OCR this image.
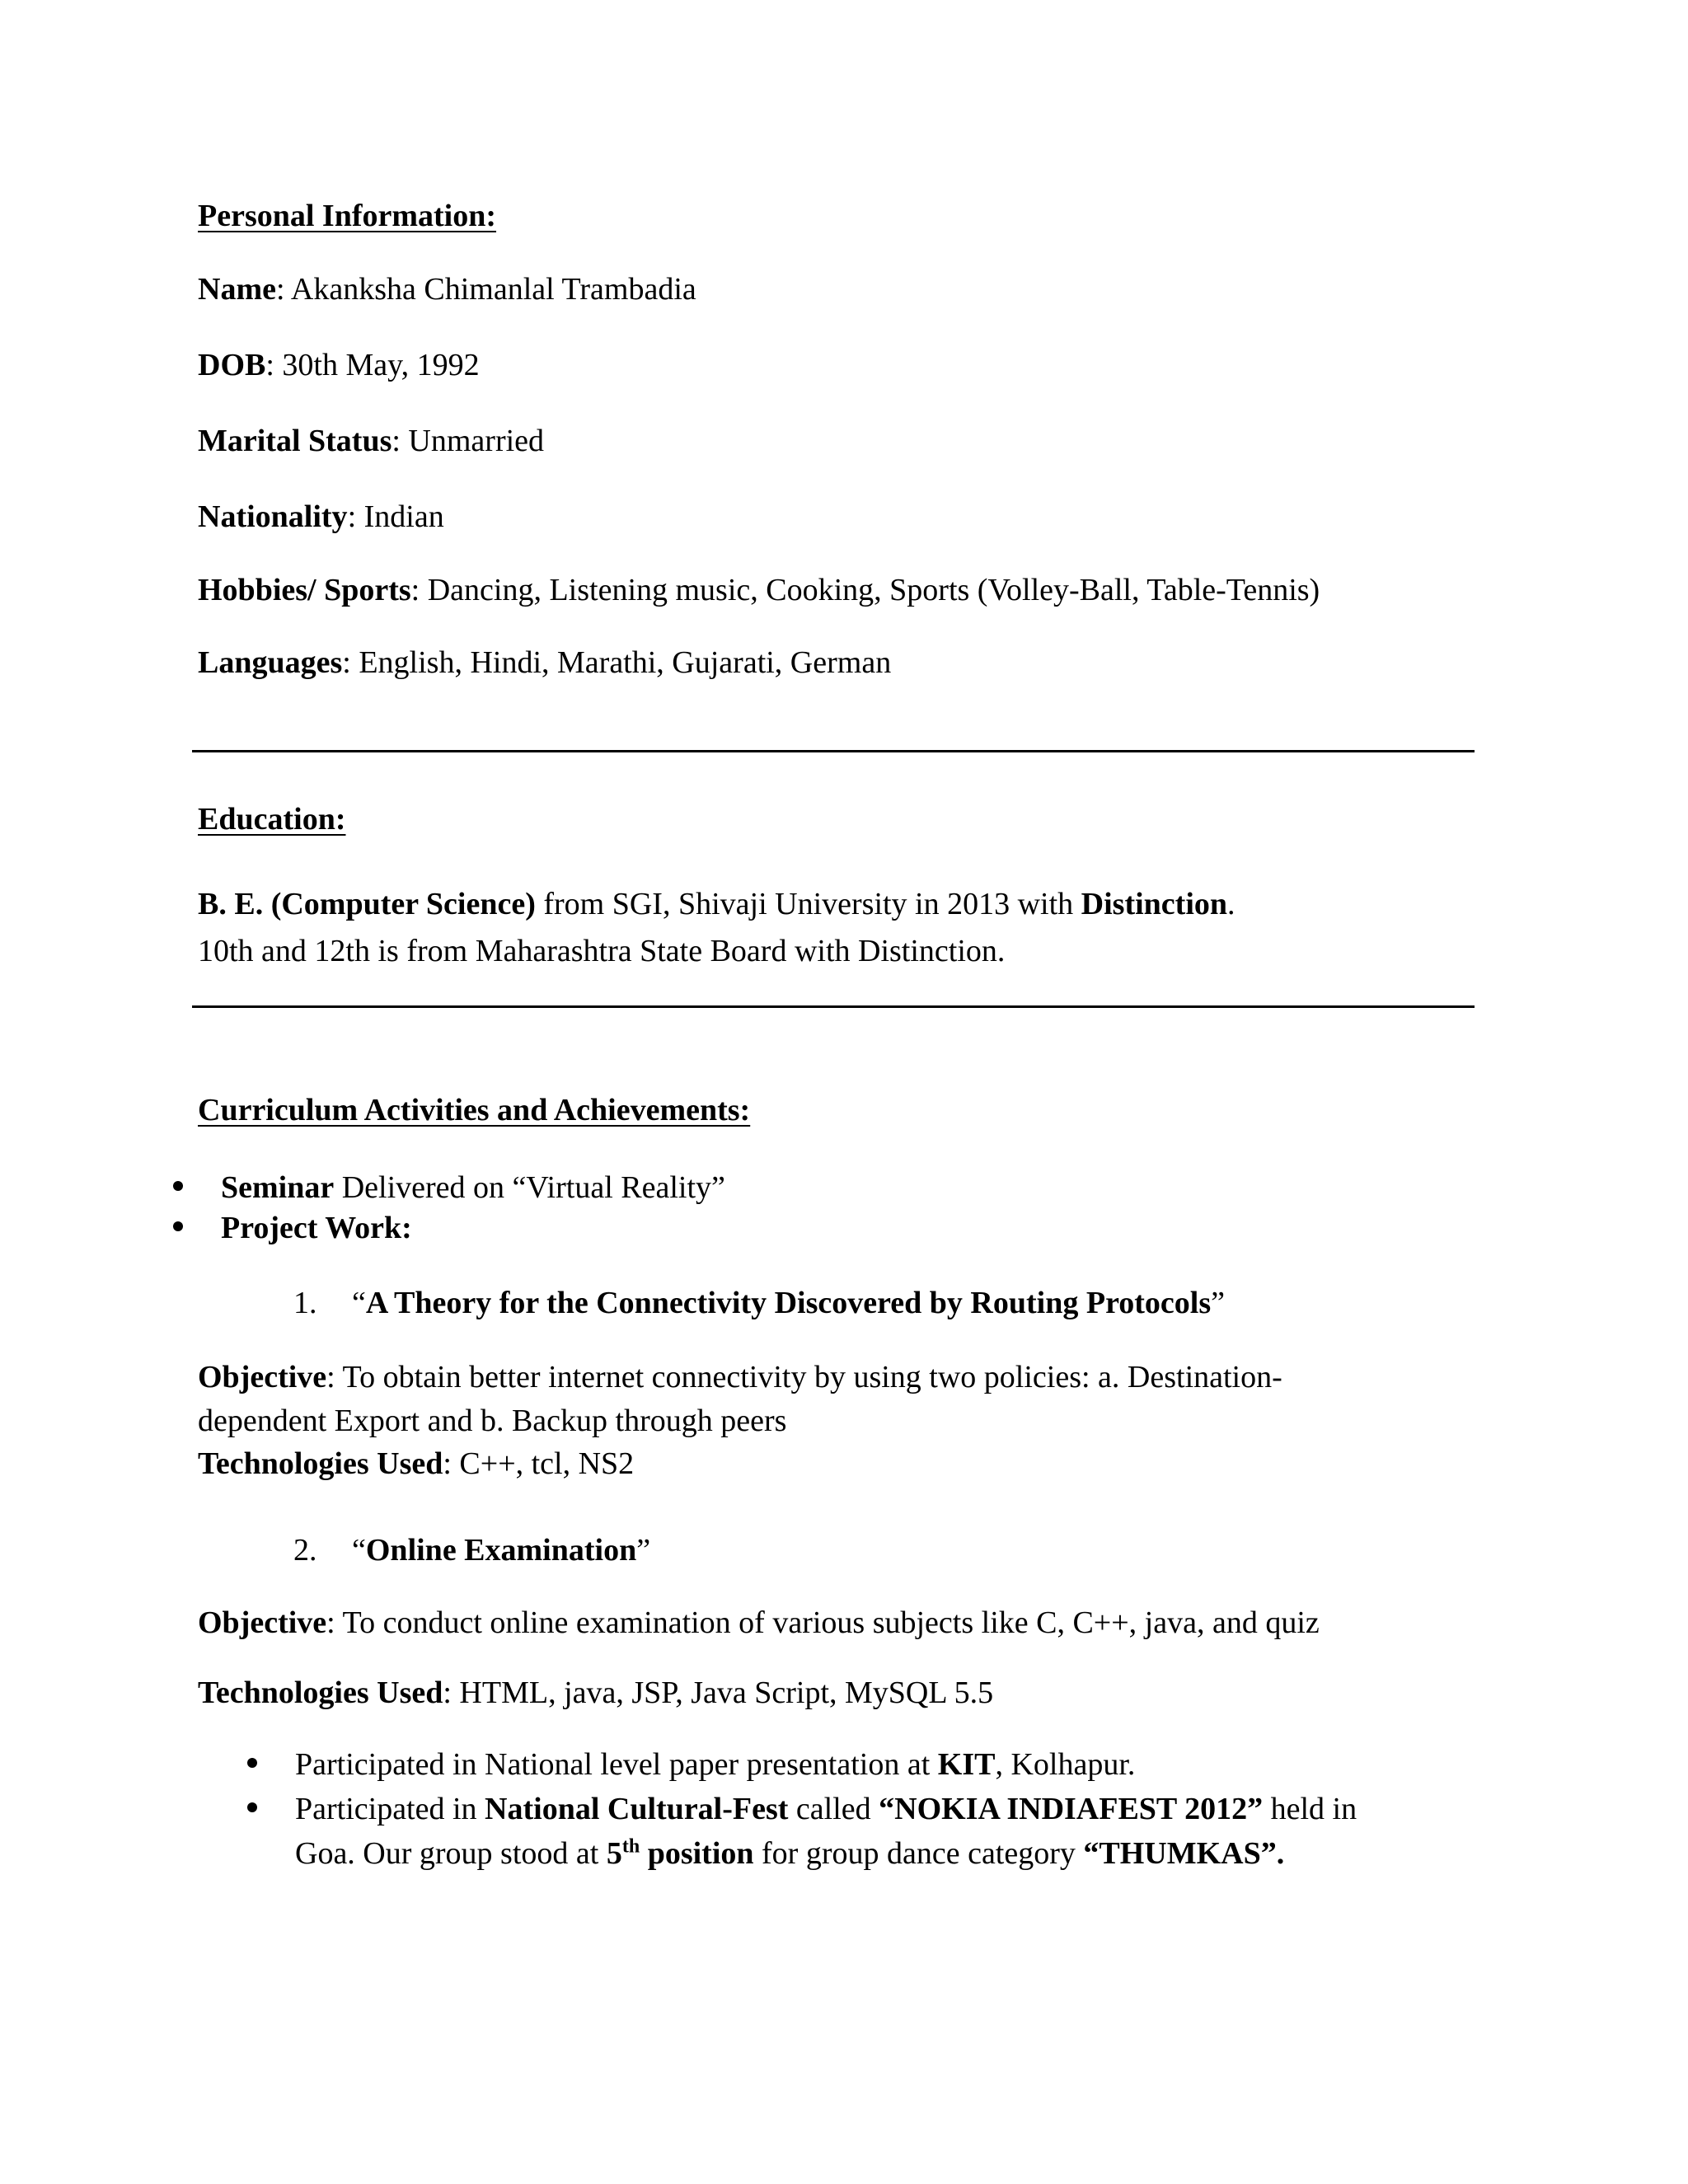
Personal Information:
Name: Akanksha Chimanlal Trambadia
DOB: 30th May, 1992
Marital Status: Unmarried
Nationality: Indian
Hobbies/ Sports: Dancing, Listening music, Cooking, Sports (Volley-Ball, Table-Tennis)
Languages: English, Hindi, Marathi, Gujarati, German
Education:
B. E. (Computer Science) from SGI, Shivaji University in 2013 with Distinction.
10th and 12th is from Maharashtra State Board with Distinction.
Curriculum Activities and Achievements:
Seminar Delivered on “Virtual Reality”
Project Work:
1. “A Theory for the Connectivity Discovered by Routing Protocols”
Objective: To obtain better internet connectivity by using two policies: a. Destination-
dependent Export and b. Backup through peers
Technologies Used: C++, tcl, NS2
2. “Online Examination”
Objective: To conduct online examination of various subjects like C, C++, java, and quiz
Technologies Used: HTML, java, JSP, Java Script, MySQL 5.5
Participated in National level paper presentation at KIT, Kolhapur.
Participated in National Cultural-Fest called “NOKIA INDIAFEST 2012” held in
Goa. Our group stood at 5th position for group dance category “THUMKAS”.
